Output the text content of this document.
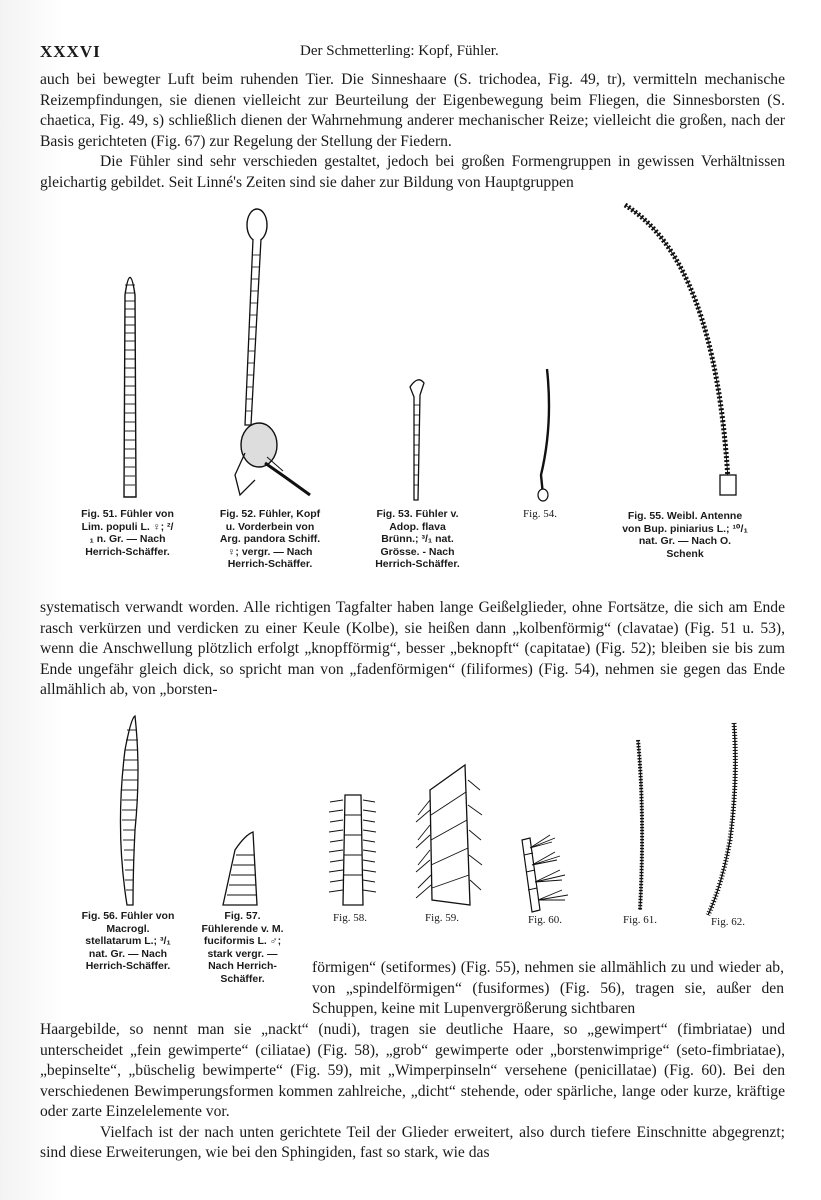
XXXVI	Der Schmetterling: Kopf, Fühler.

auch bei bewegter Luft beim ruhenden Tier. Die Sinneshaare (S. trichodea, Fig. 49, tr), vermitteln mechanische Reizempfindungen, sie dienen vielleicht zur Beurteilung der Eigenbewegung beim Fliegen, die Sinnesborsten (S. chaetica, Fig. 49, s) schließlich dienen der Wahrnehmung anderer mechanischer Reize; vielleicht die großen, nach der Basis gerichteten (Fig. 67) zur Regelung der Stellung der Fiedern.

Die Fühler sind sehr verschieden gestaltet, jedoch bei großen Formengruppen in gewissen Verhältnissen gleichartig gebildet. Seit Linné's Zeiten sind sie daher zur Bildung von Hauptgruppen

Fig. 51. Fühler von Lim. populi L. ♀; ²/₁ n. Gr. — Nach Herrich-Schäffer.
Fig. 52. Fühler, Kopf u. Vorderbein von Arg. pandora Schiff. ♀; vergr. — Nach Herrich-Schäffer.
Fig. 53. Fühler v. Adop. flava Brünn.; ³/₁ nat. Grösse. - Nach Herrich-Schäffer.
Fig. 54.	Fig. 55. Weibl. Antenne von Bup. piniarius L.; ¹⁰/₁ nat. Gr. — Nach O. Schenk

systematisch verwandt worden. Alle richtigen Tagfalter haben lange Geißelglieder, ohne Fortsätze, die sich am Ende rasch verkürzen und verdicken zu einer Keule (Kolbe), sie heißen dann „kolbenförmig“ (clavatae) (Fig. 51 u. 53), wenn die Anschwellung plötzlich erfolgt „knopfförmig“, besser „beknopft“ (capitatae) (Fig. 52); bleiben sie bis zum Ende ungefähr gleich dick, so spricht man von „fadenförmigen“ (filiformes) (Fig. 54), nehmen sie gegen das Ende allmählich ab, von „borsten-

Fig. 56. Fühler von Macrogl. stellatarum L.; ³/₁ nat. Gr. — Nach Herrich-Schäffer.
Fig. 57. Fühlerende v. M. fuciformis L. ♂; stark vergr. — Nach Herrich-Schäffer.
Fig. 58.	Fig. 59.	Fig. 60.	Fig. 61.	Fig. 62.
förmigen“ (setiformes) (Fig. 55), nehmen sie allmählich zu und wieder ab, von „spindelförmigen“ (fusiformes) (Fig. 56), tragen sie, außer den Schuppen, keine mit Lupenvergrößerung sichtbaren

Haargebilde, so nennt man sie „nackt“ (nudi), tragen sie deutliche Haare, so „gewimpert“ (fimbriatae) und unterscheidet „fein gewimperte“ (ciliatae) (Fig. 58), „grob“ gewimperte oder „borstenwimprige“ (seto-fimbriatae), „bepinselte“, „büschelig bewimperte“ (Fig. 59), mit „Wimperpinseln“ versehene (penicillatae) (Fig. 60). Bei den verschiedenen Bewimperungsformen kommen zahlreiche, „dicht“ stehende, oder spärliche, lange oder kurze, kräftige oder zarte Einzelelemente vor.

Vielfach ist der nach unten gerichtete Teil der Glieder erweitert, also durch tiefere Einschnitte abgegrenzt; sind diese Erweiterungen, wie bei den Sphingiden, fast so stark, wie das
